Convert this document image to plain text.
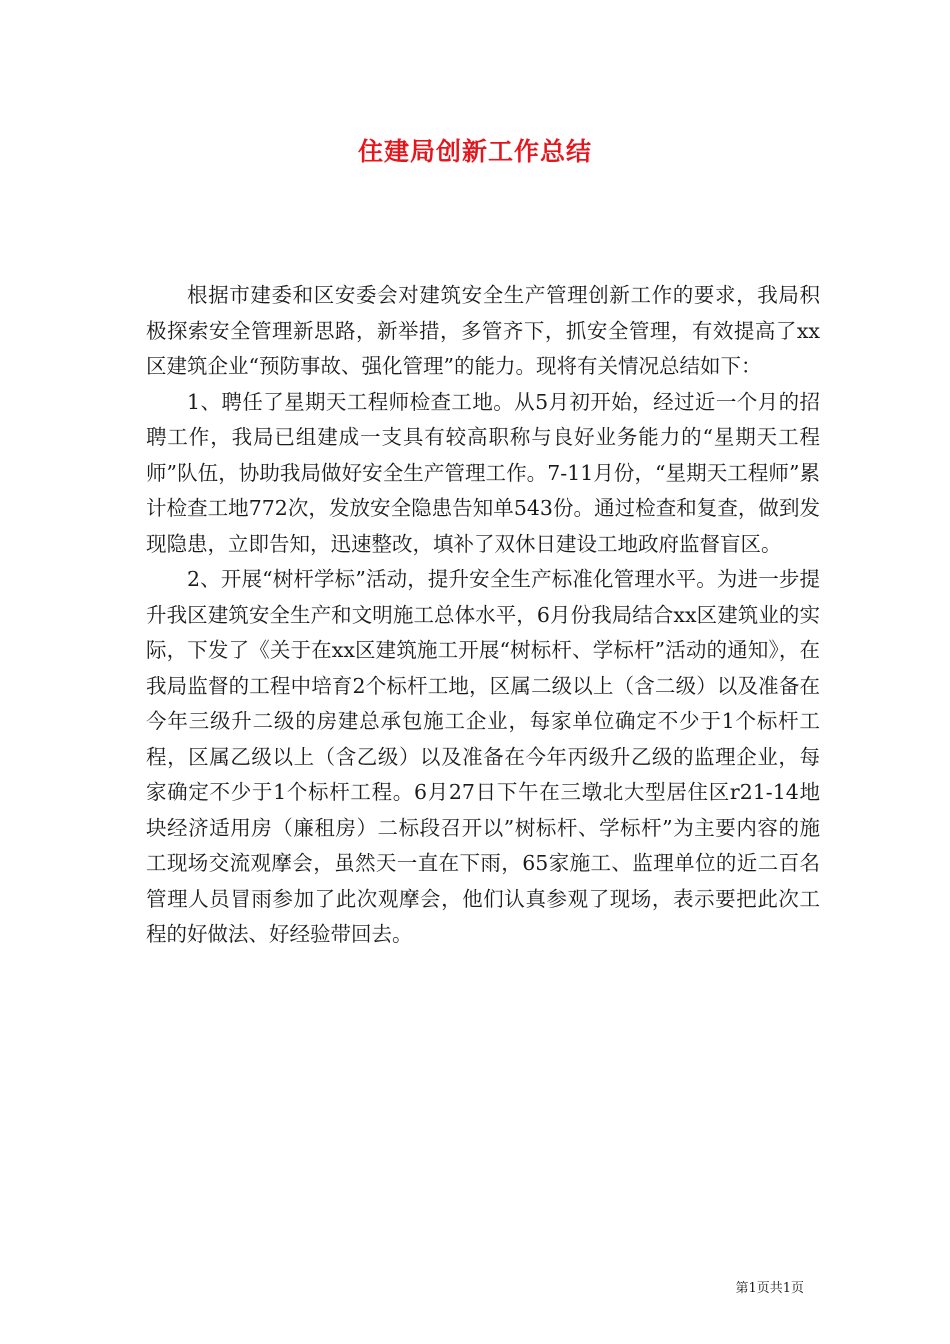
住建局创新工作总结

根据市建委和区安委会对建筑安全生产管理创新工作的要求，我局积极探索安全管理新思路，新举措，多管齐下，抓安全管理，有效提高了xx区建筑企业“预防事故、强化管理”的能力。现将有关情况总结如下：

1、聘任了星期天工程师检查工地。从5月初开始，经过近一个月的招聘工作，我局已组建成一支具有较高职称与良好业务能力的“星期天工程师”队伍，协助我局做好安全生产管理工作。7-11月份，“星期天工程师”累计检查工地772次，发放安全隐患告知单543份。通过检查和复查，做到发现隐患，立即告知，迅速整改，填补了双休日建设工地政府监督盲区。

2、开展“树杆学标”活动，提升安全生产标准化管理水平。为进一步提升我区建筑安全生产和文明施工总体水平，6月份我局结合xx区建筑业的实际，下发了《关于在xx区建筑施工开展“树标杆、学标杆”活动的通知》，在我局监督的工程中培育2个标杆工地，区属二级以上（含二级）以及准备在今年三级升二级的房建总承包施工企业，每家单位确定不少于1个标杆工程，区属乙级以上（含乙级）以及准备在今年丙级升乙级的监理企业，每家确定不少于1个标杆工程。6月27日下午在三墩北大型居住区r21-14地块经济适用房（廉租房）二标段召开以”树标杆、学标杆”为主要内容的施工现场交流观摩会，虽然天一直在下雨，65家施工、监理单位的近二百名管理人员冒雨参加了此次观摩会，他们认真参观了现场，表示要把此次工程的好做法、好经验带回去。

第1页共1页
